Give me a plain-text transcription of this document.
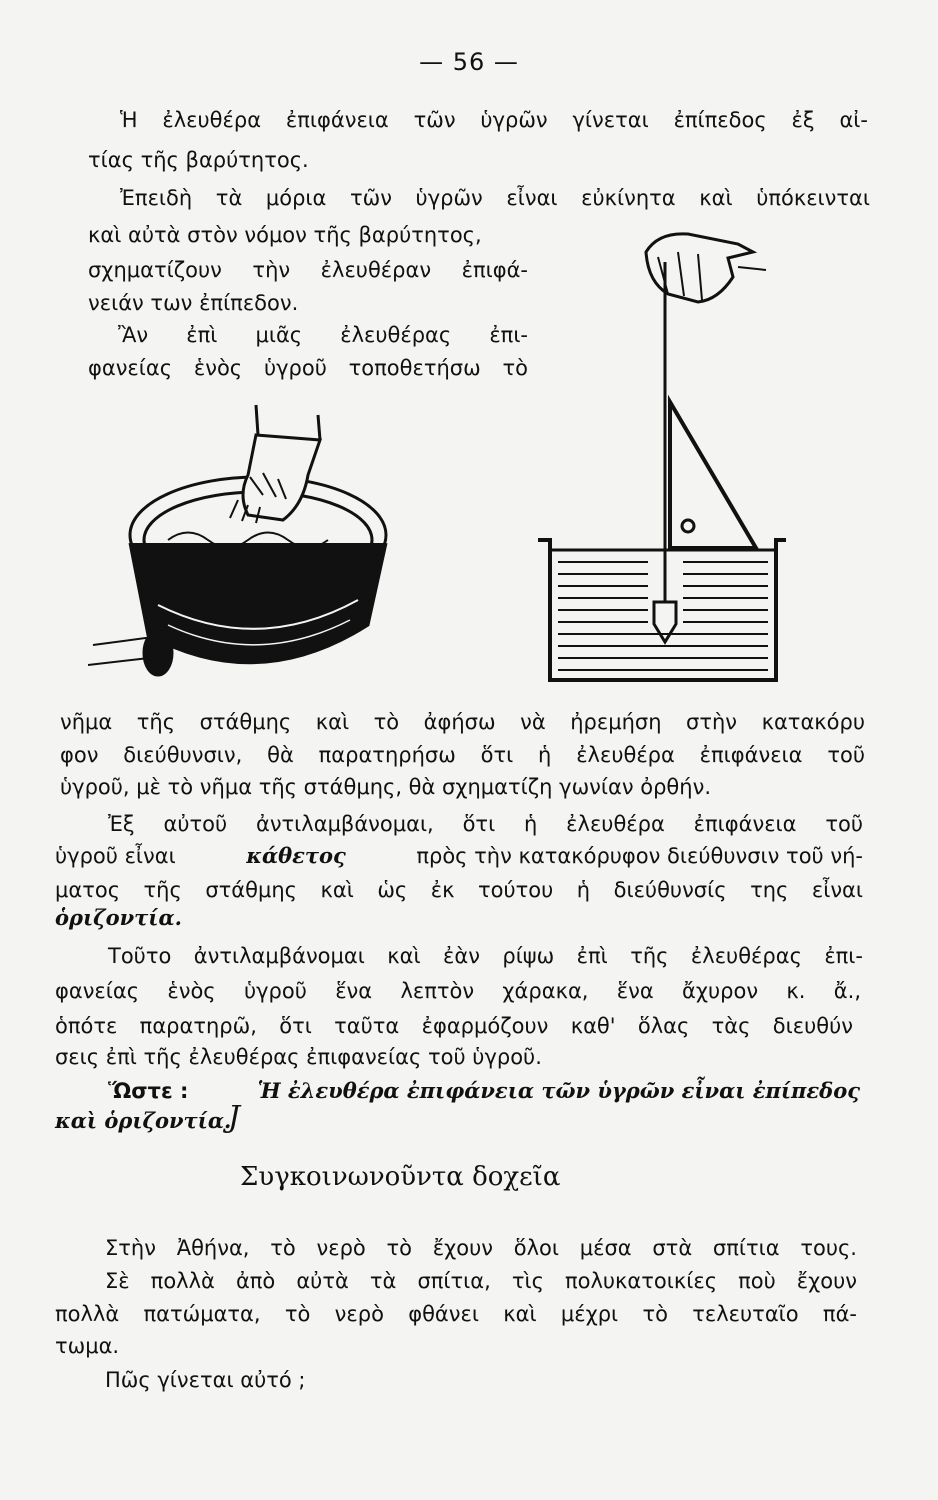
— 56 —
Ἡ ἐλευθέρα ἐπιφάνεια τῶν ὑγρῶν γίνεται ἐπίπεδος ἐξ αἰ-
τίας τῆς βαρύτητος.
Ἐπειδὴ τὰ μόρια τῶν ὑγρῶν εἶναι εὐκίνητα καὶ ὑπόκεινται
καὶ αὐτὰ στὸν νόμον τῆς βαρύτητος,
σχηματίζουν τὴν ἐλευθέραν ἐπιφά-
νειάν των ἐπίπεδον.
Ἂν ἐπὶ μιᾶς ἐλευθέρας ἐπι-
φανείας ἑνὸς ὑγροῦ τοποθετήσω τὸ
νῆμα τῆς στάθμης καὶ τὸ ἀφήσω νὰ ἠρεμήση στὴν κατακόρυ
φον διεύθυνσιν, θὰ παρατηρήσω ὅτι ἡ ἐλευθέρα ἐπιφάνεια τοῦ
ὑγροῦ, μὲ τὸ νῆμα τῆς στάθμης, θὰ σχηματίζη γωνίαν ὀρθήν.
Ἐξ αὐτοῦ ἀντιλαμβάνομαι, ὅτι ἡ ἐλευθέρα ἐπιφάνεια τοῦ
ὑγροῦ εἶναι	κάθετος	πρὸς τὴν κατακόρυφον διεύθυνσιν τοῦ νή-
ματος τῆς στάθμης καὶ ὡς ἐκ τούτου ἡ διεύθυνσίς της εἶναι
ὁριζοντία.
Τοῦτο ἀντιλαμβάνομαι καὶ ἐὰν ρίψω ἐπὶ τῆς ἐλευθέρας ἐπι-
φανείας ἑνὸς ὑγροῦ ἕνα λεπτὸν χάρακα, ἕνα ἄχυρον κ. ἄ.,
ὁπότε παρατηρῶ, ὅτι ταῦτα ἐφαρμόζουν καθ' ὅλας τὰς διευθύν
σεις ἐπὶ τῆς ἐλευθέρας ἐπιφανείας τοῦ ὑγροῦ.
Ὥστε :	Ἡ ἐλευθέρα ἐπιφάνεια τῶν ὑγρῶν εἶναι ἐπίπεδος
καὶ ὁριζοντία.
J
Συγκοινωνοῦντα δοχεῖα
Στὴν Ἀθήνα, τὸ νερὸ τὸ ἔχουν ὅλοι μέσα στὰ σπίτια τους.
Σὲ πολλὰ ἀπὸ αὐτὰ τὰ σπίτια, τὶς πολυκατοικίες ποὺ ἔχουν
πολλὰ πατώματα, τὸ νερὸ φθάνει καὶ μέχρι τὸ τελευταῖο πά-
τωμα.
Πῶς γίνεται αὐτό ;
